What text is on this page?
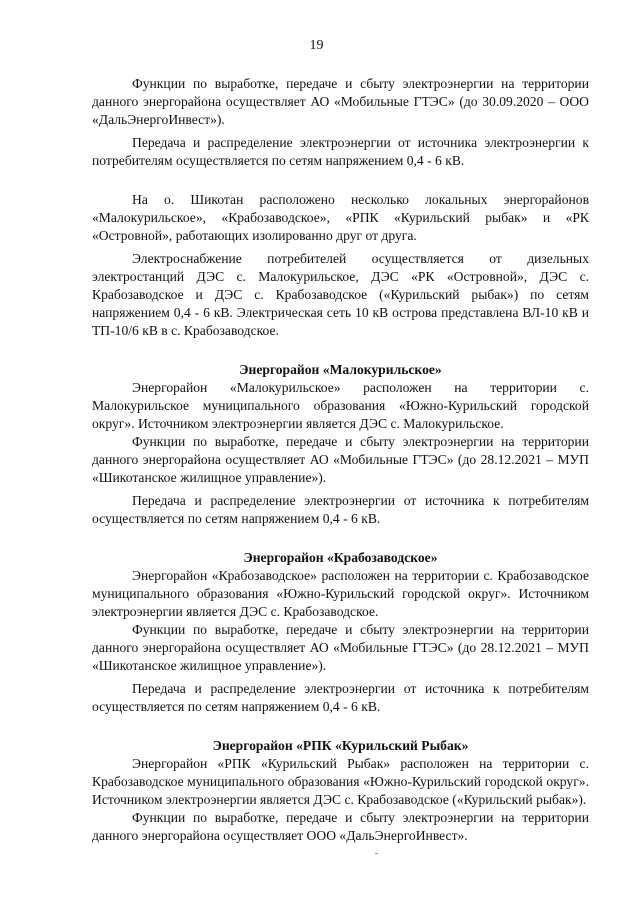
19

Функции по выработке, передаче и сбыту электроэнергии на территории данного энергорайона осуществляет АО «Мобильные ГТЭС» (до 30.09.2020 – ООО «ДальЭнергоИнвест»).

Передача и распределение электроэнергии от источника электроэнергии к потребителям осуществляется по сетям напряжением 0,4 - 6 кВ.

На о. Шикотан расположено несколько локальных энергорайонов «Малокурильское», «Крабозаводское», «РПК «Курильский рыбак» и «РК «Островной», работающих изолированно друг от друга.

Электроснабжение потребителей осуществляется от дизельных электростанций ДЭС с. Малокурильское, ДЭС «РК «Островной», ДЭС с. Крабозаводское и ДЭС с. Крабозаводское («Курильский рыбак») по сетям напряжением 0,4 - 6 кВ. Электрическая сеть 10 кВ острова представлена ВЛ-10 кВ и ТП-10/6 кВ в с. Крабозаводское.

Энергорайон «Малокурильское»

Энергорайон «Малокурильское» расположен на территории с. Малокурильское муниципального образования «Южно-Курильский городской округ». Источником электроэнергии является ДЭС с. Малокурильское.

Функции по выработке, передаче и сбыту электроэнергии на территории данного энергорайона осуществляет АО «Мобильные ГТЭС» (до 28.12.2021 – МУП «Шикотанское жилищное управление»).

Передача и распределение электроэнергии от источника к потребителям осуществляется по сетям напряжением 0,4 - 6 кВ.

Энергорайон «Крабозаводское»

Энергорайон «Крабозаводское» расположен на территории с. Крабозаводское муниципального образования «Южно-Курильский городской округ». Источником электроэнергии является ДЭС с. Крабозаводское.

Функции по выработке, передаче и сбыту электроэнергии на территории данного энергорайона осуществляет АО «Мобильные ГТЭС» (до 28.12.2021 – МУП «Шикотанское жилищное управление»).

Передача и распределение электроэнергии от источника к потребителям осуществляется по сетям напряжением 0,4 - 6 кВ.

Энергорайон «РПК «Курильский Рыбак»

Энергорайон «РПК «Курильский Рыбак» расположен на территории с. Крабозаводское муниципального образования «Южно-Курильский городской округ». Источником электроэнергии является ДЭС с. Крабозаводское («Курильский рыбак»).

Функции по выработке, передаче и сбыту электроэнергии на территории данного энергорайона осуществляет ООО «ДальЭнергоИнвест».
